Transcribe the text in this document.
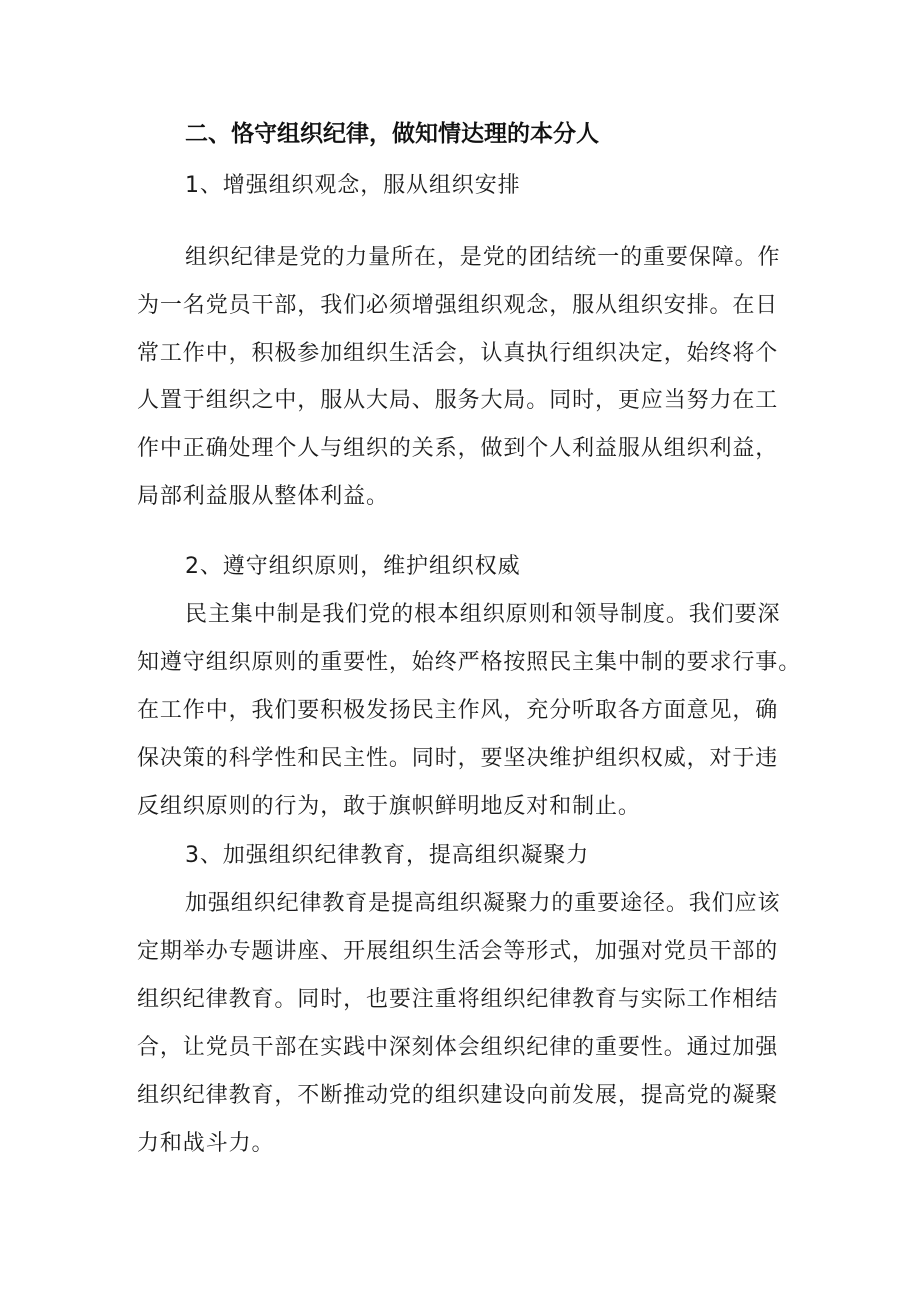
二、恪守组织纪律，做知情达理的本分人
1、增强组织观念，服从组织安排
组织纪律是党的力量所在，是党的团结统一的重要保障。作
为一名党员干部，我们必须增强组织观念，服从组织安排。在日
常工作中，积极参加组织生活会，认真执行组织决定，始终将个
人置于组织之中，服从大局、服务大局。同时，更应当努力在工
作中正确处理个人与组织的关系，做到个人利益服从组织利益，
局部利益服从整体利益。
2、遵守组织原则，维护组织权威
民主集中制是我们党的根本组织原则和领导制度。我们要深
知遵守组织原则的重要性，始终严格按照民主集中制的要求行事。
在工作中，我们要积极发扬民主作风，充分听取各方面意见，确
保决策的科学性和民主性。同时，要坚决维护组织权威，对于违
反组织原则的行为，敢于旗帜鲜明地反对和制止。
3、加强组织纪律教育，提高组织凝聚力
加强组织纪律教育是提高组织凝聚力的重要途径。我们应该
定期举办专题讲座、开展组织生活会等形式，加强对党员干部的
组织纪律教育。同时，也要注重将组织纪律教育与实际工作相结
合，让党员干部在实践中深刻体会组织纪律的重要性。通过加强
组织纪律教育，不断推动党的组织建设向前发展，提高党的凝聚
力和战斗力。
